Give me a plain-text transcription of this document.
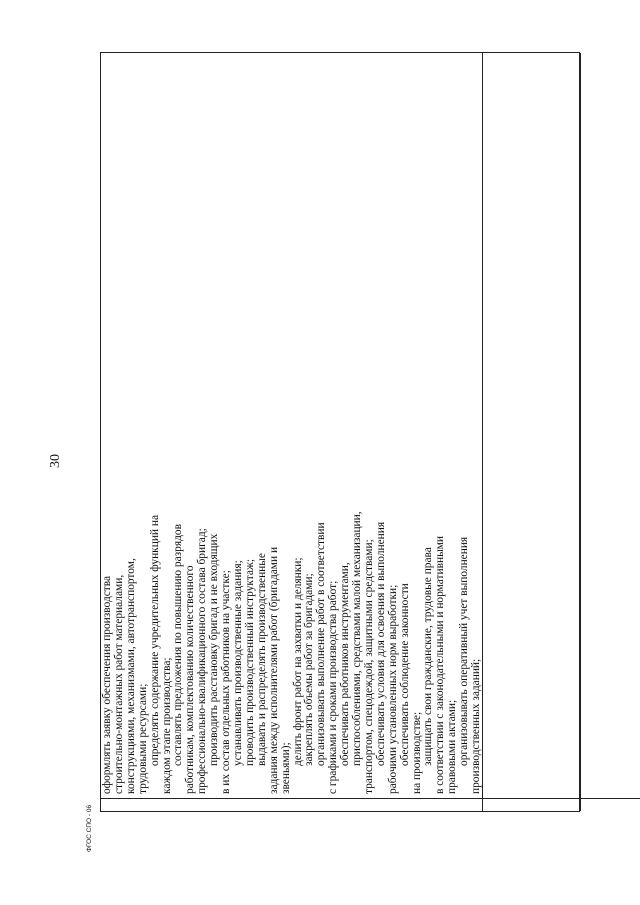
оформлять заявку обеспечения производства строительно-монтажных работ материалами, конструкциями, механизмами, автотранспортом, трудовыми ресурсами; определять содержание учредительных функций на каждом этапе производства; составлять предложения по повышению разрядов работникам, комплектованию количественного профессионально-квалификационного состава бригад; производить расстановку бригад и не входящих в их состав отдельных работников на участке; устанавливать производственные задания; проводить производственный инструктаж; выдавать и распределять производственные задания между исполнителями работ (бригадами и звеньями);
делить фронт работ на захватки и делянки; закреплять объемы работ за бригадами; организовывать выполнение работ в соответствии с графиками и сроками производства работ; обеспечивать работников инструментами, приспособлениями, средствами малой механизации, транспортом, спецодеждой, защитными средствами; обеспечивать условия для освоения и выполнения рабочими установленных норм выработки; обеспечивать соблюдение законности на производстве; защищать свои гражданские, трудовые права в соответствии с законодательными и нормативными правовыми актами; организовывать оперативный учет выполнения производственных заданий;
30
ФГОС СПО - 06
